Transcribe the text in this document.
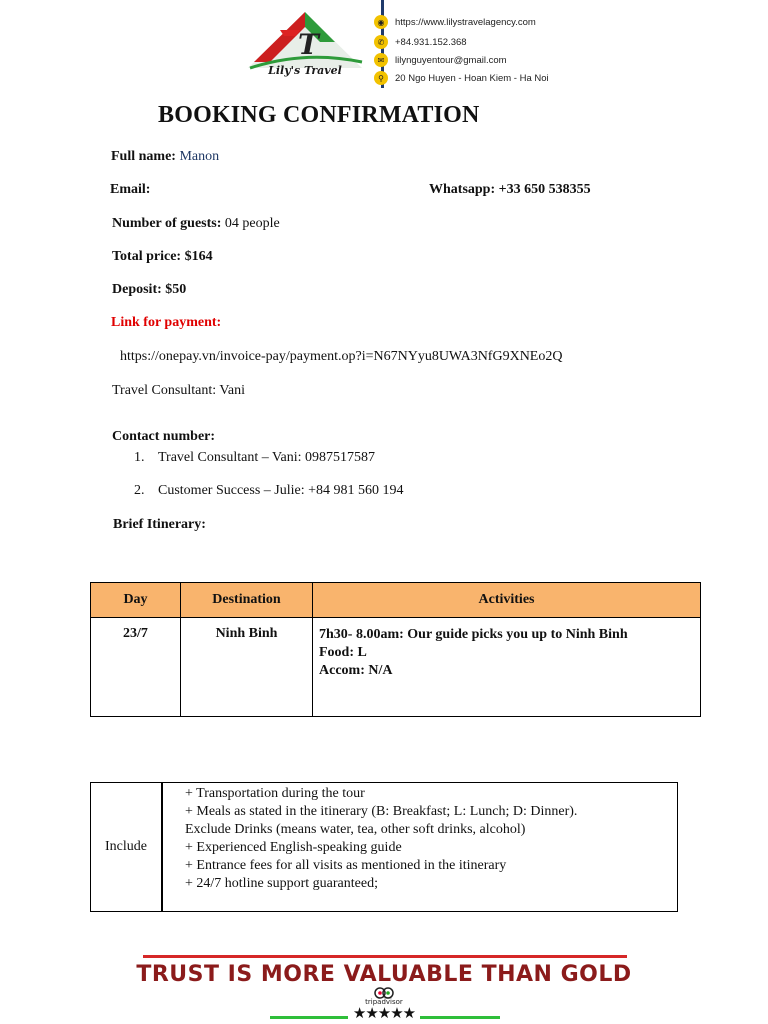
T
Lily's Travel
◉	https://www.lilystravelagency.com
✆	+84.931.152.368
✉	lilynguyentour@gmail.com
⚲	20 Ngo Huyen - Hoan Kiem - Ha Noi
BOOKING CONFIRMATION
Full name: Manon
Email:	Whatsapp: +33 650 538355
Number of guests: 04 people
Total price: $164
Deposit: $50
Link for payment:
https://onepay.vn/invoice-pay/payment.op?i=N67NYyu8UWA3NfG9XNEo2Q
Travel Consultant: Vani
Contact number:
1. Travel Consultant – Vani: 0987517587
2. Customer Success – Julie: +84 981 560 194
Brief Itinerary:
Day	Destination	Activities
23/7	Ninh Binh	7h30- 8.00am: Our guide picks you up to Ninh Binh
Food: L
Accom: N/A
Include	
+ Transportation during the tour
+ Meals as stated in the itinerary (B: Breakfast; L: Lunch; D: Dinner).
Exclude Drinks (means water, tea, other soft drinks, alcohol)
+ Experienced English-speaking guide
+ Entrance fees for all visits as mentioned in the itinerary
+ 24/7 hotline support guaranteed;
TRUST IS MORE VALUABLE THAN GOLD
tripadvisor
★★★★★
